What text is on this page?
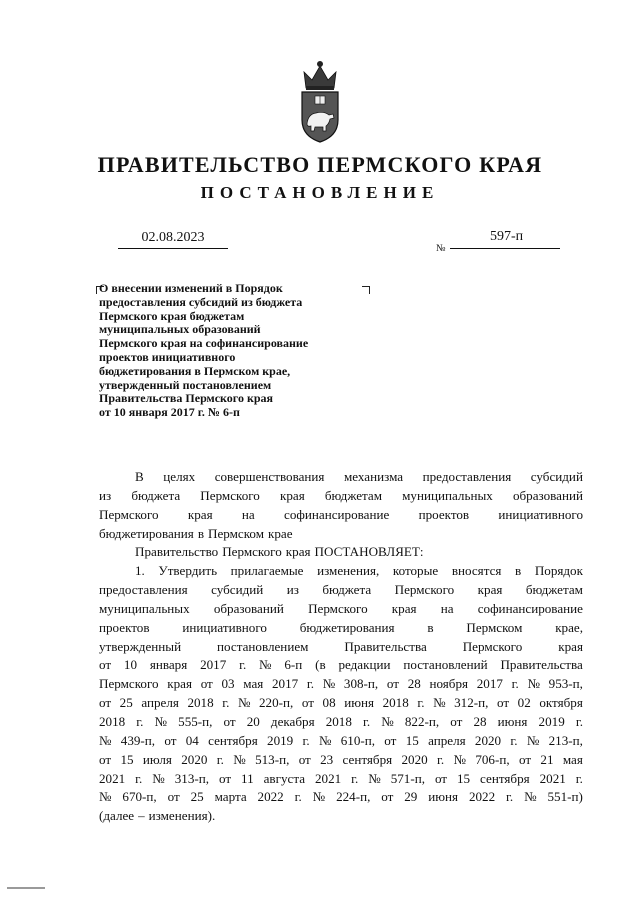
ПРАВИТЕЛЬСТВО ПЕРМСКОГО КРАЯ
ПОСТАНОВЛЕНИЕ
02.08.2023
№
597-п
О внесении изменений в Порядок
предоставления субсидий из бюджета
Пермского края бюджетам
муниципальных образований
Пермского края на софинансирование
проектов инициативного
бюджетирования в Пермском крае,
утвержденный постановлением
Правительства Пермского края
от 10 января 2017 г. № 6-п
В целях совершенствования механизма предоставления субсидий
из бюджета Пермского края бюджетам муниципальных образований
Пермского края на софинансирование проектов инициативного
бюджетирования в Пермском крае
Правительство Пермского края ПОСТАНОВЛЯЕТ:
1. Утвердить прилагаемые изменения, которые вносятся в Порядок
предоставления субсидий из бюджета Пермского края бюджетам
муниципальных образований Пермского края на софинансирование
проектов	инициативного	бюджетирования	в	Пермском	крае,
утвержденный	постановлением	Правительства	Пермского	края
от 10 января 2017 г. № 6-п (в редакции постановлений Правительства
Пермского края от 03 мая 2017 г. № 308-п, от 28 ноября 2017 г. № 953-п,
от 25 апреля 2018 г. № 220-п, от 08 июня 2018 г. № 312-п, от 02 октября
2018 г. № 555-п, от 20 декабря 2018 г. № 822-п, от 28 июня 2019 г.
№ 439-п, от 04 сентября 2019 г. № 610-п, от 15 апреля 2020 г. № 213-п,
от 15 июля 2020 г. № 513-п, от 23 сентября 2020 г. № 706-п, от 21 мая
2021 г. № 313-п, от 11 августа 2021 г. № 571-п, от 15 сентября 2021 г.
№ 670-п, от 25 марта 2022 г. № 224-п, от 29 июня 2022 г. № 551-п)
(далее – изменения).
